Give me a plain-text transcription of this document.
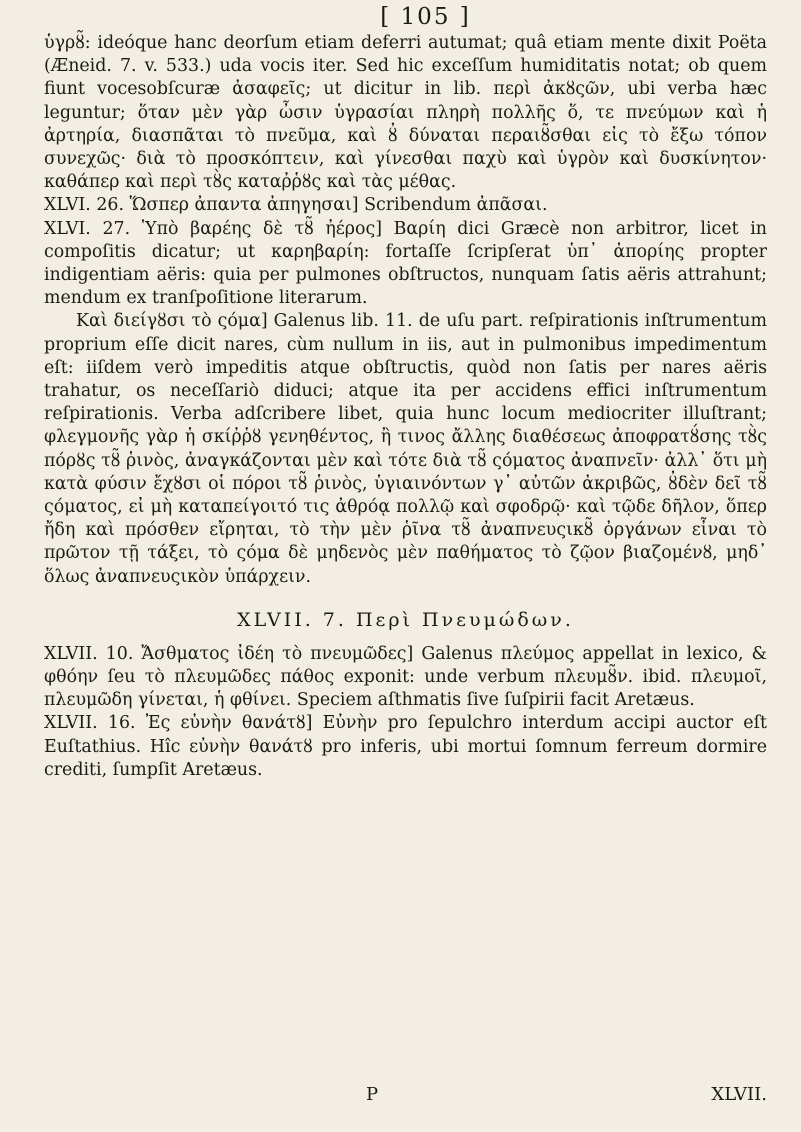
[ 105 ]

ὑγρȣ̃: ideóque hanc deorſum etiam deferri autumat; quâ etiam mente dixit Poëta (Æneid. 7. v. 533.) uda vocis iter. Sed hic exceſſum humiditatis notat; ob quem fiunt vocesobſcuræ ἀσαφεῖς; ut dicitur in lib. περὶ ἀκȣςῶν, ubi verba hæc leguntur; ὅταν μὲν γὰρ ὦσιν ὑγρασίαι πληρὴ πολλῆς ὅ, τε πνεύμων καὶ ἡ ἀρτηρία, διασπᾶται τὸ πνεῦμα, καὶ ȣ̓ δύναται περαιȣ̃σθαι εἰς τὸ ἔξω τόπον συνεχῶς· διὰ τὸ προσκόπτειν, καὶ γίνεσθαι παχὺ καὶ ὑγρὸν καὶ δυσκίνητον· καθάπερ καὶ περὶ τȣ̀ς καταῤῥȣς καὶ τὰς μέθας.

XLVI. 26. Ὥσπερ ἀπαντα ἀπηγησαι] Scribendum ἀπᾶσαι.

XLVI. 27. Ὑπὸ βαρέης δὲ τȣ̃ ἠέρος] Βαρίη dici Græcè non arbitror, licet in compoſitis dicatur; ut καρηβαρίη: fortaſſe ſcripſerat ὑπ᾽ ἀπορίης propter indigentiam aëris: quia per pulmones obſtructos, nunquam ſatis aëris attrahunt; mendum ex tranſpoſitione literarum.

Καὶ διείγȣσι τὸ ςόμα] Galenus lib. 11. de uſu part. reſpirationis inſtrumentum proprium eſſe dicit nares, cùm nullum in iis, aut in pulmonibus impedimentum eſt: iiſdem verò impeditis atque obſtructis, quòd non ſatis per nares aëris trahatur, os neceſſariò diduci; atque ita per accidens effici inſtrumentum reſpirationis. Verba adſcribere libet, quia hunc locum mediocriter illuſtrant; φλεγμονῆς γὰρ ἡ σκίῤῥȣ γενηθέντος, ἢ τινος ἄλλης διαθέσεως ἀποφρατȣ́σης τȣ̀ς πόρȣς τȣ̃ ῥινὸς, ἀναγκάζονται μὲν καὶ τότε διὰ τȣ̃ ςόματος ἀναπνεῖν· ἀλλ᾽ ὅτι μὴ κατὰ φύσιν ἔχȣσι οἱ πόροι τȣ̃ ῥινὸς, ὑγιαινόντων γ᾽ αὐτῶν ἀκριβῶς, ȣ̓δὲν δεῖ τȣ̃ ςόματος, εἰ μὴ καταπείγοιτό τις ἀθρόᾳ πολλῷ καὶ σφοδρῷ· καὶ τῷδε δῆλον, ὅπερ ἤδη καὶ πρόσθεν εἴρηται, τὸ τὴν μὲν ῥῖνα τȣ̃ ἀναπνευςικȣ̃ ὀργάνων εἶναι τὸ πρῶτον τῇ τάξει, τὸ ςόμα δὲ μηδενὸς μὲν παθήματος τὸ ζῷον βιαζομένȣ, μηδ᾽ ὅλως ἀναπνευςικὸν ὑπάρχειν.

XLVII. 7. Περὶ Πνευμώδων.

XLVII. 10. Ἄσθματος ἰδέη τὸ πνευμῶδες] Galenus πλεύμος appellat in lexico, & φθόην ſeu τὸ πλευμῶδες πάθος exponit: unde verbum πλευμȣ̃ν. ibid. πλευμοῖ, πλευμῶδη γίνεται, ἡ φθίνει. Speciem aſthmatis ſive ſuſpirii facit Aretæus.

XLVII. 16. Ἐς εὐνὴν θανάτȣ] Εὐνὴν pro ſepulchro interdum accipi auctor eſt Euſtathius. Hîc εὐνὴν θανάτȣ pro inferis, ubi mortui ſomnum ferreum dormire crediti, ſumpſit Aretæus.

P	XLVII.
